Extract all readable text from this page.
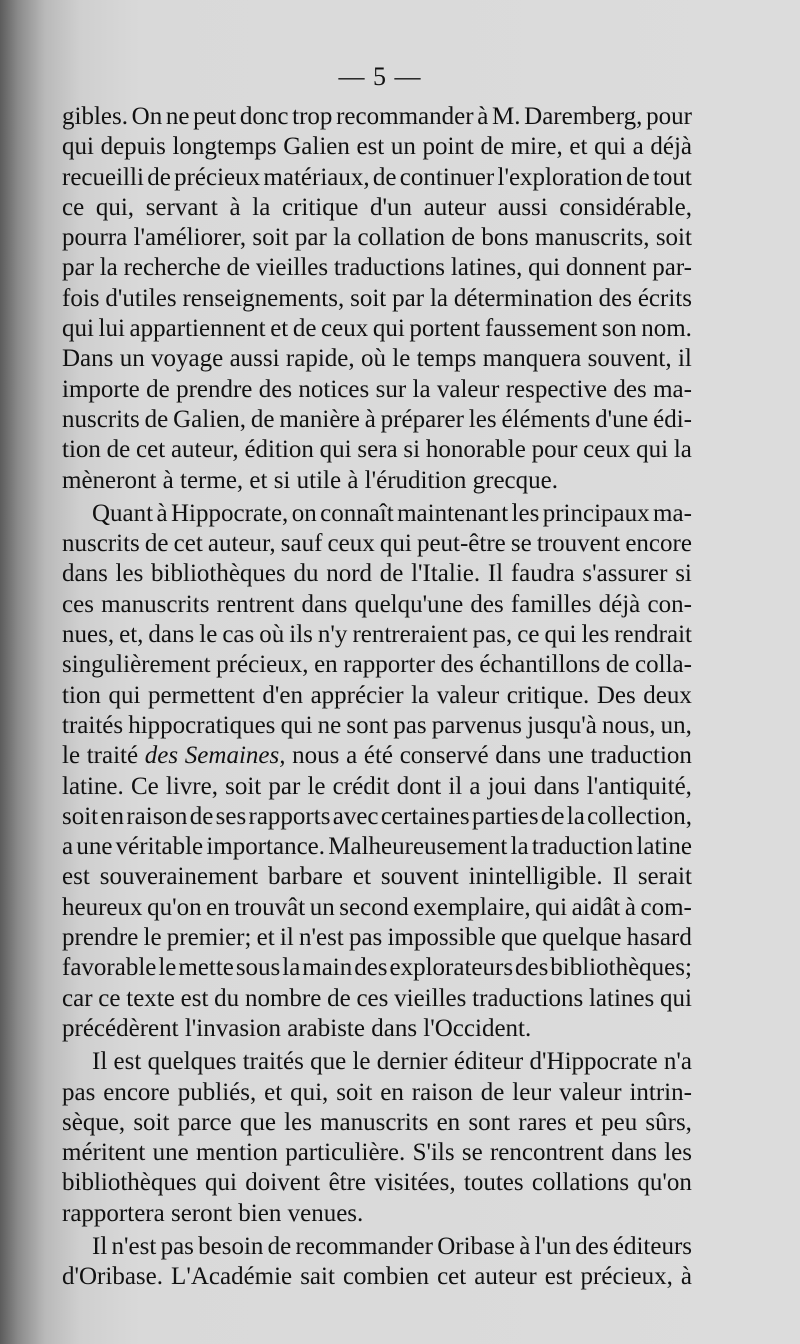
— 5 —
gibles. On ne peut donc trop recommander à M. Daremberg, pour
qui depuis longtemps Galien est un point de mire, et qui a déjà
recueilli de précieux matériaux, de continuer l'exploration de tout
ce qui, servant à la critique d'un auteur aussi considérable,
pourra l'améliorer, soit par la collation de bons manuscrits, soit
par la recherche de vieilles traductions latines, qui donnent par-
fois d'utiles renseignements, soit par la détermination des écrits
qui lui appartiennent et de ceux qui portent faussement son nom.
Dans un voyage aussi rapide, où le temps manquera souvent, il
importe de prendre des notices sur la valeur respective des ma-
nuscrits de Galien, de manière à préparer les éléments d'une édi-
tion de cet auteur, édition qui sera si honorable pour ceux qui la
mèneront à terme, et si utile à l'érudition grecque.
Quant à Hippocrate, on connaît maintenant les principaux ma-
nuscrits de cet auteur, sauf ceux qui peut-être se trouvent encore
dans les bibliothèques du nord de l'Italie. Il faudra s'assurer si
ces manuscrits rentrent dans quelqu'une des familles déjà con-
nues, et, dans le cas où ils n'y rentreraient pas, ce qui les rendrait
singulièrement précieux, en rapporter des échantillons de colla-
tion qui permettent d'en apprécier la valeur critique. Des deux
traités hippocratiques qui ne sont pas parvenus jusqu'à nous, un,
le traité des Semaines, nous a été conservé dans une traduction
latine. Ce livre, soit par le crédit dont il a joui dans l'antiquité,
soit en raison de ses rapports avec certaines parties de la collection,
a une véritable importance. Malheureusement la traduction latine
est souverainement barbare et souvent inintelligible. Il serait
heureux qu'on en trouvât un second exemplaire, qui aidât à com-
prendre le premier; et il n'est pas impossible que quelque hasard
favorable le mette sous la main des explorateurs des bibliothèques;
car ce texte est du nombre de ces vieilles traductions latines qui
précédèrent l'invasion arabiste dans l'Occident.
Il est quelques traités que le dernier éditeur d'Hippocrate n'a
pas encore publiés, et qui, soit en raison de leur valeur intrin-
sèque, soit parce que les manuscrits en sont rares et peu sûrs,
méritent une mention particulière. S'ils se rencontrent dans les
bibliothèques qui doivent être visitées, toutes collations qu'on
rapportera seront bien venues.
Il n'est pas besoin de recommander Oribase à l'un des éditeurs
d'Oribase. L'Académie sait combien cet auteur est précieux, à
